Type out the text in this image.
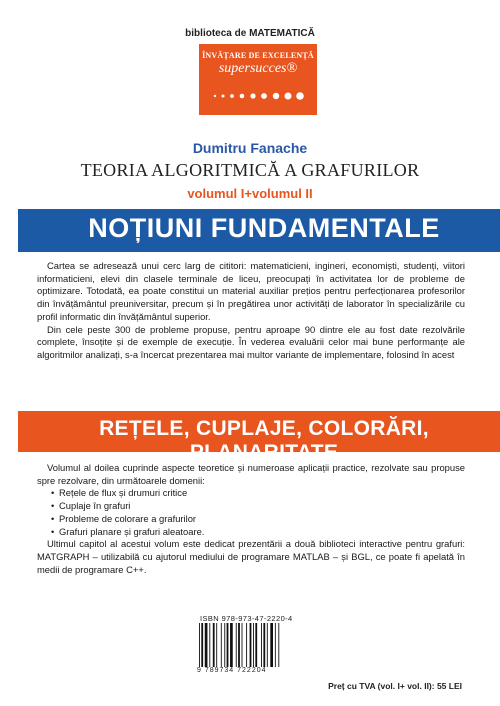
biblioteca de MATEMATICĂ
ÎNVĂȚARE DE EXCELENȚĂ
supersucces®
Dumitru Fanache
TEORIA ALGORITMICĂ A GRAFURILOR
volumul I+volumul II
NOȚIUNI FUNDAMENTALE

Cartea se adresează unui cerc larg de cititori: matematicieni, ingineri, economiști, studenți, viitori informaticieni, elevi din clasele terminale de liceu, preocupați în activitatea lor de probleme de optimizare. Totodată, ea poate constitui un material auxiliar prețios pentru perfecționarea profesorilor din învățământul preuniversitar, precum și în pregătirea unor activități de laborator în specializările cu profil informatic din învățământul superior.

Din cele peste 300 de probleme propuse, pentru aproape 90 dintre ele au fost date rezolvările complete, însoțite și de exemple de execuție. În vederea evaluării celor mai bune performanțe ale algoritmilor analizați, s-a încercat prezentarea mai multor variante de implementare, folosind în acest

REȚELE, CUPLAJE, COLORĂRI, PLANARITATE

Volumul al doilea cuprinde aspecte teoretice și numeroase aplicații practice, rezolvate sau propuse spre rezolvare, din următoarele domenii:

• Rețele de flux și drumuri critice
• Cuplaje în grafuri
• Probleme de colorare a grafurilor
• Grafuri planare și grafuri aleatoare.

Ultimul capitol al acestui volum este dedicat prezentării a două biblioteci interactive pentru grafuri: MATGRAPH – utilizabilă cu ajutorul mediului de programare MATLAB – și BGL, ce poate fi apelată în medii de programare C++.

ISBN 978-973-47-2220-4
9 789734 722204
Preț cu TVA (vol. I+ vol. II): 55 LEI
